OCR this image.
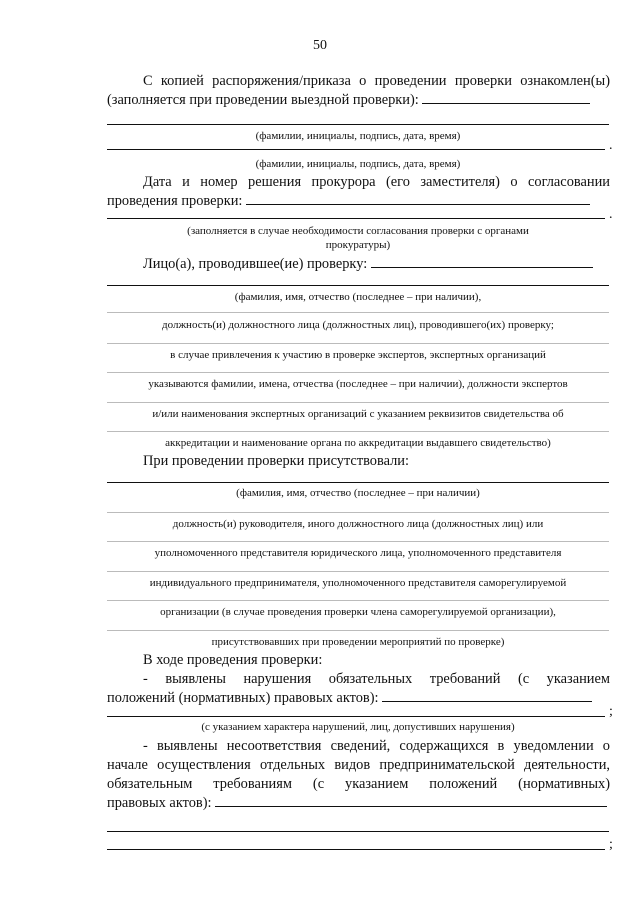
50
С копией распоряжения/приказа о проведении проверки ознакомлен(ы)
(заполняется при проведении выездной проверки):
(фамилии, инициалы, подпись, дата, время)
.
(фамилии, инициалы, подпись, дата, время)
Дата и номер решения прокурора (его заместителя) о согласовании
проведения проверки:
.
(заполняется в случае необходимости согласования проверки с органами
прокуратуры)
Лицо(а), проводившее(ие) проверку:
(фамилия, имя, отчество (последнее – при наличии),
должность(и) должностного лица (должностных лиц), проводившего(их) проверку;
в случае привлечения к участию в проверке экспертов, экспертных организаций
указываются фамилии, имена, отчества (последнее – при наличии), должности экспертов
и/или наименования экспертных организаций с указанием реквизитов свидетельства об
аккредитации и наименование органа по аккредитации выдавшего свидетельство)
При проведении проверки присутствовали:
(фамилия, имя, отчество (последнее – при наличии)
должность(и) руководителя, иного должностного лица (должностных лиц) или
уполномоченного представителя юридического лица, уполномоченного представителя
индивидуального предпринимателя, уполномоченного представителя саморегулируемой
организации (в случае проведения проверки члена саморегулируемой организации),
присутствовавших при проведении мероприятий по проверке)
В ходе проведения проверки:
- выявлены нарушения обязательных требований (с указанием
положений (нормативных) правовых актов):
;
(с указанием характера нарушений, лиц, допустивших нарушения)
- выявлены несоответствия сведений, содержащихся в уведомлении о
начале осуществления отдельных видов предпринимательской деятельности,
обязательным требованиям (с указанием положений (нормативных)
правовых актов):
;
